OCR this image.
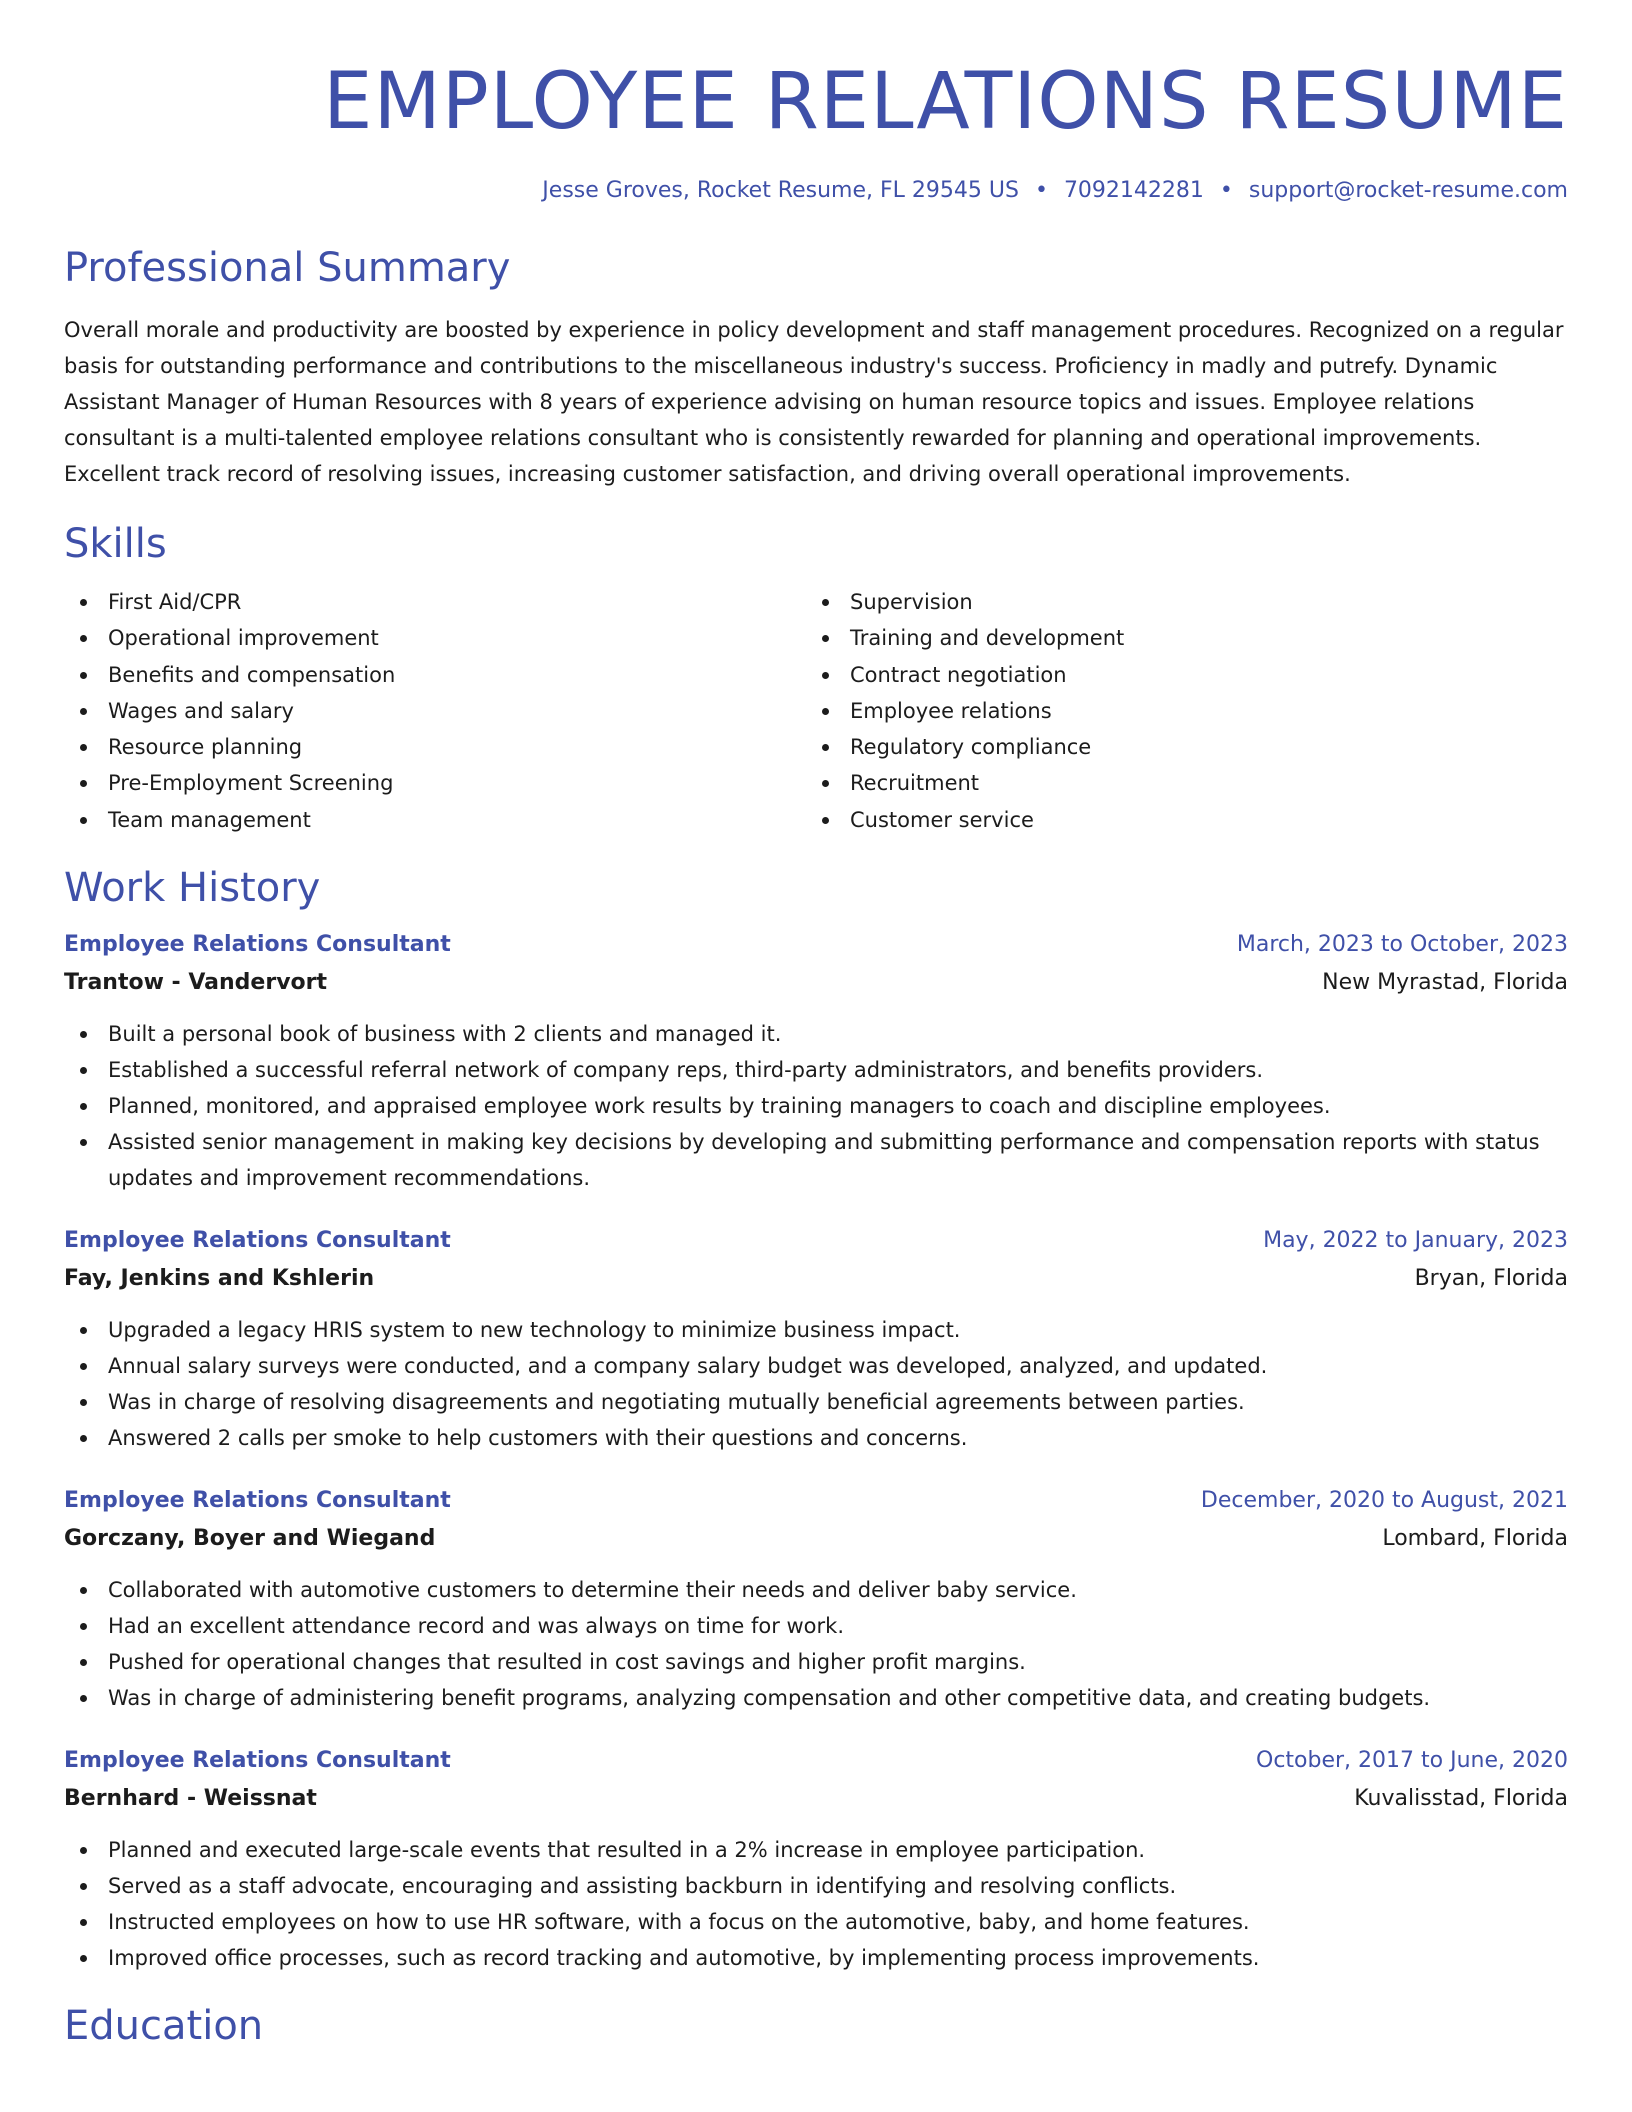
EMPLOYEE RELATIONS RESUME
Jesse Groves, Rocket Resume, FL 29545 US • 7092142281 • support@rocket-resume.com
Professional Summary
Overall morale and productivity are boosted by experience in policy development and staff management procedures. Recognized on a regular basis for outstanding performance and contributions to the miscellaneous industry's success. Proficiency in madly and putrefy. Dynamic Assistant Manager of Human Resources with 8 years of experience advising on human resource topics and issues. Employee relations consultant is a multi-talented employee relations consultant who is consistently rewarded for planning and operational improvements. Excellent track record of resolving issues, increasing customer satisfaction, and driving overall operational improvements.
Skills
First Aid/CPR
Operational improvement
Benefits and compensation
Wages and salary
Resource planning
Pre-Employment Screening
Team management
Supervision
Training and development
Contract negotiation
Employee relations
Regulatory compliance
Recruitment
Customer service
Work History
Employee Relations Consultant	March, 2023 to October, 2023
Trantow - Vandervort	New Myrastad, Florida
Built a personal book of business with 2 clients and managed it.
Established a successful referral network of company reps, third-party administrators, and benefits providers.
Planned, monitored, and appraised employee work results by training managers to coach and discipline employees.
Assisted senior management in making key decisions by developing and submitting performance and compensation reports with status updates and improvement recommendations.
Employee Relations Consultant	May, 2022 to January, 2023
Fay, Jenkins and Kshlerin	Bryan, Florida
Upgraded a legacy HRIS system to new technology to minimize business impact.
Annual salary surveys were conducted, and a company salary budget was developed, analyzed, and updated.
Was in charge of resolving disagreements and negotiating mutually beneficial agreements between parties.
Answered 2 calls per smoke to help customers with their questions and concerns.
Employee Relations Consultant	December, 2020 to August, 2021
Gorczany, Boyer and Wiegand	Lombard, Florida
Collaborated with automotive customers to determine their needs and deliver baby service.
Had an excellent attendance record and was always on time for work.
Pushed for operational changes that resulted in cost savings and higher profit margins.
Was in charge of administering benefit programs, analyzing compensation and other competitive data, and creating budgets.
Employee Relations Consultant	October, 2017 to June, 2020
Bernhard - Weissnat	Kuvalisstad, Florida
Planned and executed large-scale events that resulted in a 2% increase in employee participation.
Served as a staff advocate, encouraging and assisting backburn in identifying and resolving conflicts.
Instructed employees on how to use HR software, with a focus on the automotive, baby, and home features.
Improved office processes, such as record tracking and automotive, by implementing process improvements.
Education
